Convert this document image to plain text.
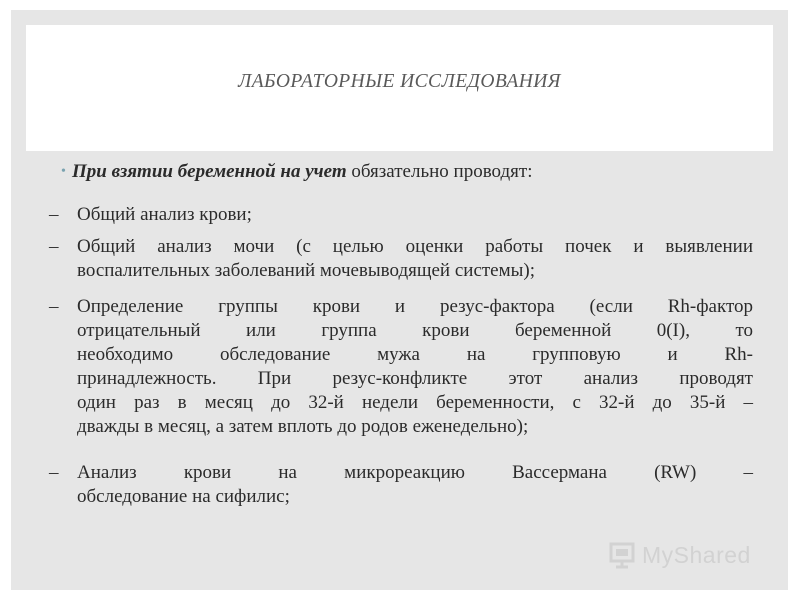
ЛАБОРАТОРНЫЕ ИССЛЕДОВАНИЯ
• При взятии беременной на учет обязательно проводят:
– Общий анализ крови;
– Общий анализ мочи (с целью оценки работы почек и выявлении
воспалительных заболеваний мочевыводящей системы);
– Определение группы крови и резус-фактора (если Rh-фактор
отрицательный или группа крови беременной 0(I), то
необходимо обследование мужа на групповую и Rh-
принадлежность. При резус-конфликте этот анализ проводят
один раз в месяц до 32-й недели беременности, с 32-й до 35-й –
дважды в месяц, а затем вплоть до родов еженедельно);
– Анализ крови на микрореакцию Вассермана (RW) –
обследование на сифилис;
MyShared
